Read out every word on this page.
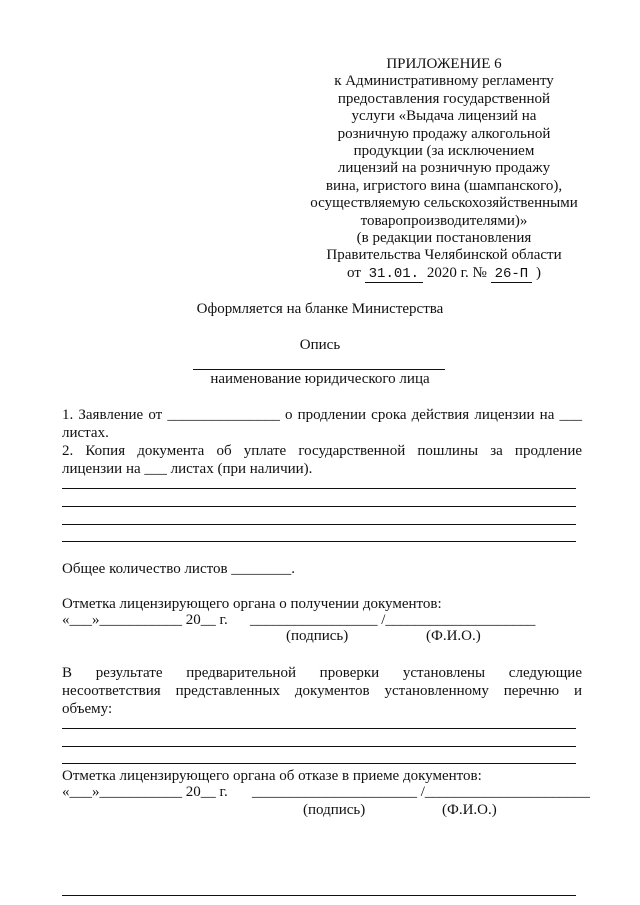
ПРИЛОЖЕНИЕ 6
к Административному регламенту
предоставления государственной
услуги «Выдача лицензий на
розничную продажу алкогольной
продукции (за исключением
лицензий на розничную продажу
вина, игристого вина (шампанского),
осуществляемую сельскохозяйственными
товаропроизводителями)»
(в редакции постановления
Правительства Челябинской области
от 31.01. 2020 г. № 26-П )
Оформляется на бланке Министерства
Опись
наименование юридического лица
1. Заявление от _______________ о продлении срока действия лицензии на ___
листах.
2. Копия документа об уплате государственной пошлины за продление
лицензии на ___ листах (при наличии).
Общее количество листов ________.
Отметка лицензирующего органа о получении документов:
«___»___________ 20__ г. _________________ /____________________
(подпись)	(Ф.И.О.)
В результате предварительной проверки установлены следующие
несоответствия представленных документов установленному перечню и
объему:
Отметка лицензирующего органа об отказе в приеме документов:
«___»___________ 20__ г. ______________________ /______________________
(подпись)	(Ф.И.О.)
